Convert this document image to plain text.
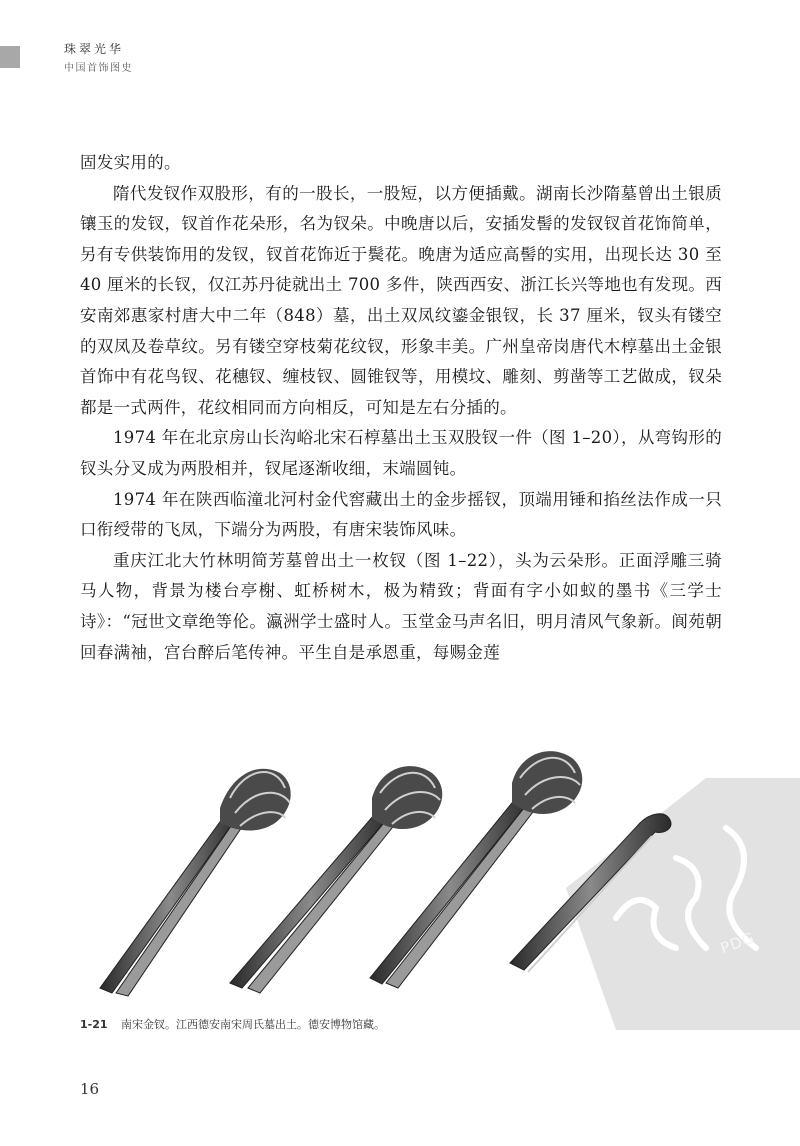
珠翠光华
中国首饰图史

固发实用的。

隋代发钗作双股形，有的一股长，一股短，以方便插戴。湖南长沙隋墓曾出土银质镶玉的发钗，钗首作花朵形，名为钗朵。中晚唐以后，安插发髻的发钗钗首花饰简单，另有专供装饰用的发钗，钗首花饰近于鬓花。晚唐为适应高髻的实用，出现长达 30 至 40 厘米的长钗，仅江苏丹徒就出土 700 多件，陕西西安、浙江长兴等地也有发现。西安南郊惠家村唐大中二年（848）墓，出土双凤纹鎏金银钗，长 37 厘米，钗头有镂空的双凤及卷草纹。另有镂空穿枝菊花纹钗，形象丰美。广州皇帝岗唐代木椁墓出土金银首饰中有花鸟钗、花穗钗、缠枝钗、圆锥钗等，用模坟、雕刻、剪凿等工艺做成，钗朵都是一式两件，花纹相同而方向相反，可知是左右分插的。

1974 年在北京房山长沟峪北宋石椁墓出土玉双股钗一件（图 1–20），从弯钩形的钗头分叉成为两股相并，钗尾逐渐收细，末端圆钝。

1974 年在陕西临潼北河村金代窖藏出土的金步摇钗，顶端用锤和掐丝法作成一只口衔绶带的飞凤，下端分为两股，有唐宋装饰风味。

重庆江北大竹林明简芳墓曾出土一枚钗（图 1–22），头为云朵形。正面浮雕三骑马人物，背景为楼台亭榭、虹桥树木，极为精致；背面有字小如蚁的墨书《三学士诗》：“冠世文章绝等伦。瀛洲学士盛时人。玉堂金马声名旧，明月清风气象新。阆苑朝回春满袖，宫台醉后笔传神。平生自是承恩重，每赐金莲

PDG
1-21 南宋金钗。江西德安南宋周氏墓出土。德安博物馆藏。
16
